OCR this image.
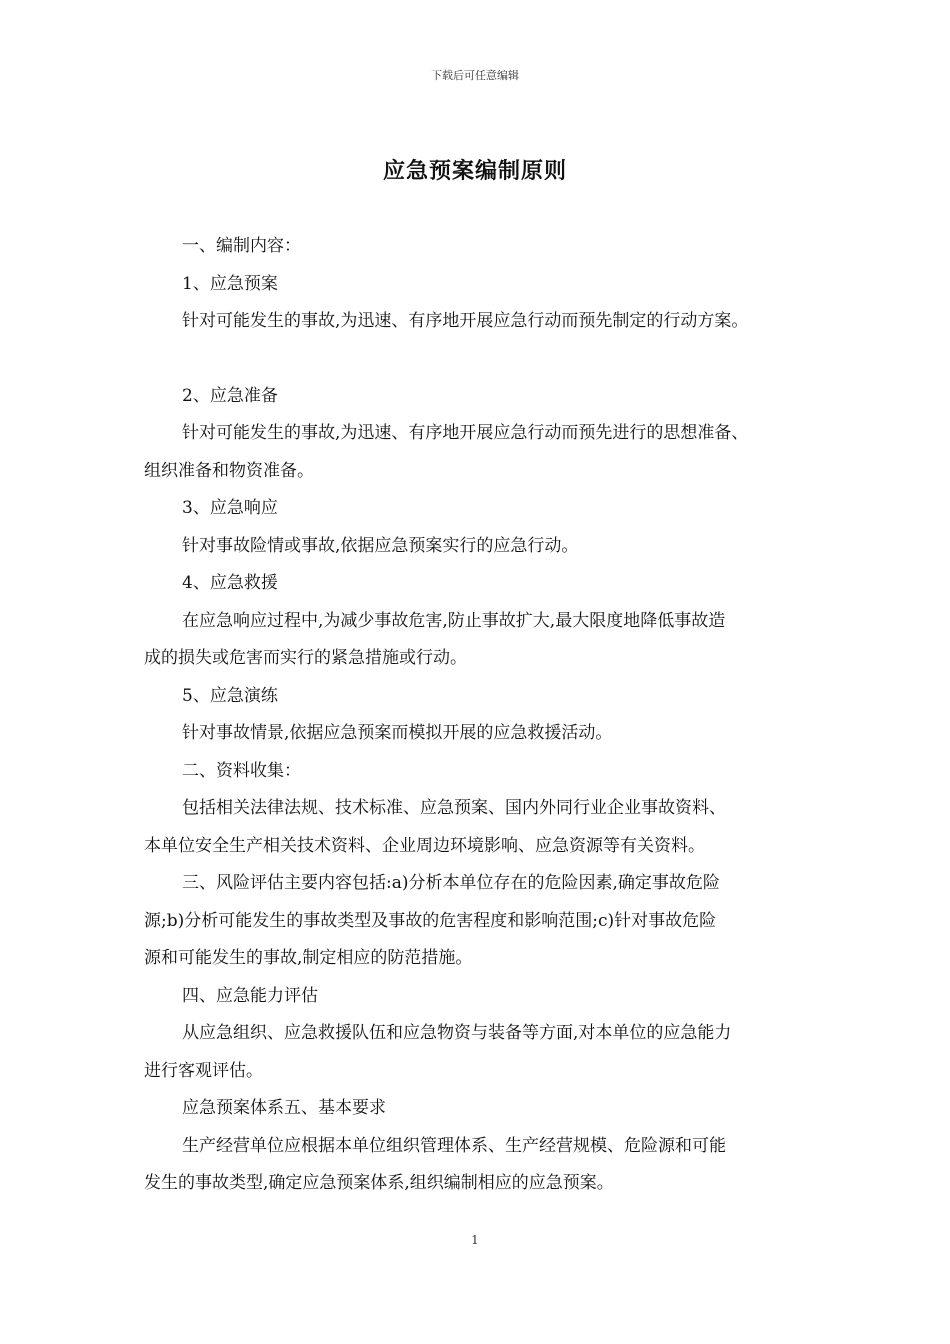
下载后可任意编辑
应急预案编制原则

一、编制内容：

1、应急预案

针对可能发生的事故,为迅速、有序地开展应急行动而预先制定的行动方案。

2、应急准备

针对可能发生的事故,为迅速、有序地开展应急行动而预先进行的思想准备、

组织准备和物资准备。

3、应急响应

针对事故险情或事故,依据应急预案实行的应急行动。

4、应急救援

在应急响应过程中,为减少事故危害,防止事故扩大,最大限度地降低事故造

成的损失或危害而实行的紧急措施或行动。

5、应急演练

针对事故情景,依据应急预案而模拟开展的应急救援活动。

二、资料收集：

包括相关法律法规、技术标准、应急预案、国内外同行业企业事故资料、

本单位安全生产相关技术资料、企业周边环境影响、应急资源等有关资料。

三、风险评估主要内容包括:a)分析本单位存在的危险因素,确定事故危险

源;b)分析可能发生的事故类型及事故的危害程度和影响范围;c)针对事故危险

源和可能发生的事故,制定相应的防范措施。

四、应急能力评估

从应急组织、应急救援队伍和应急物资与装备等方面,对本单位的应急能力

进行客观评估。

应急预案体系五、基本要求

生产经营单位应根据本单位组织管理体系、生产经营规模、危险源和可能

发生的事故类型,确定应急预案体系,组织编制相应的应急预案。

1
